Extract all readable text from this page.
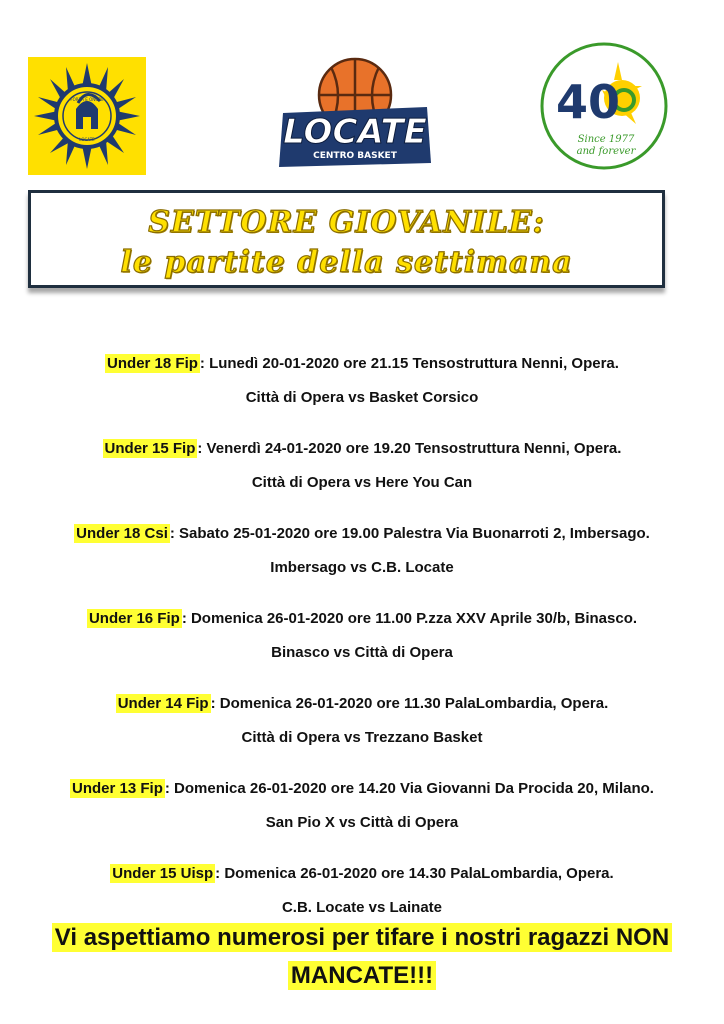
FORZA E ONORE
LOCATE	LOCATE
CENTRO BASKET
40
Since 1977
and forever
SETTORE GIOVANILE:
le partite della settimana
Under 18 Fip : Lunedì 20-01-2020 ore 21.15 Tensostruttura Nenni, Opera.
Città di Opera vs Basket Corsico
Under 15 Fip : Venerdì 24-01-2020 ore 19.20 Tensostruttura Nenni, Opera.
Città di Opera vs Here You Can
Under 18 Csi : Sabato 25-01-2020 ore 19.00 Palestra Via Buonarroti 2, Imbersago.
Imbersago vs C.B. Locate
Under 16 Fip : Domenica 26-01-2020 ore 11.00 P.zza XXV Aprile 30/b, Binasco.
Binasco vs Città di Opera
Under 14 Fip : Domenica 26-01-2020 ore 11.30 PalaLombardia, Opera.
Città di Opera vs Trezzano Basket
Under 13 Fip : Domenica 26-01-2020 ore 14.20 Via Giovanni Da Procida 20, Milano.
San Pio X vs Città di Opera
Under 15 Uisp : Domenica 26-01-2020 ore 14.30 PalaLombardia, Opera.
C.B. Locate vs Lainate
Vi aspettiamo numerosi per tifare i nostri ragazzi NON
MANCATE!!!
